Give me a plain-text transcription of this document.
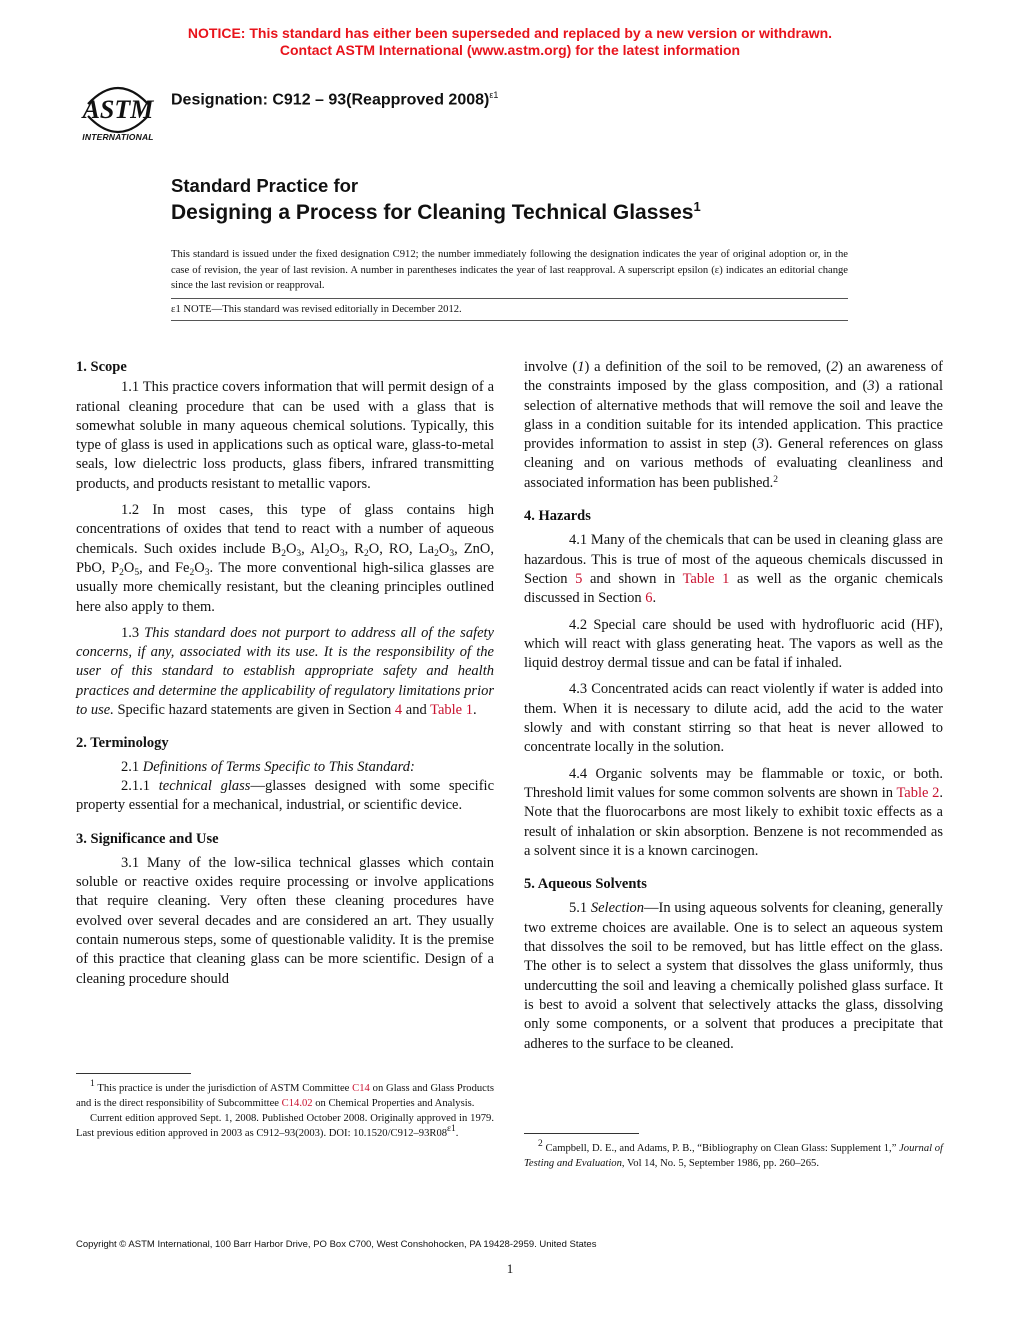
NOTICE: This standard has either been superseded and replaced by a new version or withdrawn.
Contact ASTM International (www.astm.org) for the latest information
ASTM
INTERNATIONAL
Designation: C912 – 93(Reapproved 2008)$^{\varepsilon 1}$
Standard Practice for
Designing a Process for Cleaning Technical Glasses$^1$
This standard is issued under the fixed designation C912; the number immediately following the designation indicates the year of original adoption or, in the case of revision, the year of last revision. A number in parentheses indicates the year of last reapproval. A superscript epsilon (ε) indicates an editorial change since the last revision or reapproval.
ε1 NOTE—This standard was revised editorially in December 2012.
1. Scope

1.1 This practice covers information that will permit design of a rational cleaning procedure that can be used with a glass that is somewhat soluble in many aqueous chemical solutions. Typically, this type of glass is used in applications such as optical ware, glass-to-metal seals, low dielectric loss products, glass fibers, infrared transmitting products, and products resistant to metallic vapors.

1.2 In most cases, this type of glass contains high concentrations of oxides that tend to react with a number of aqueous chemicals. Such oxides include $B_2O_3$, $Al_2O_3$, $R_2O$, RO, $La_2O_3$, ZnO, PbO, $P_2O_5$, and $Fe_2O_3$. The more conventional high-silica glasses are usually more chemically resistant, but the cleaning principles outlined here also apply to them.

1.3 This standard does not purport to address all of the safety concerns, if any, associated with its use. It is the responsibility of the user of this standard to establish appropriate safety and health practices and determine the applicability of regulatory limitations prior to use. Specific hazard statements are given in Section 4 and Table 1.

2. Terminology

2.1 Definitions of Terms Specific to This Standard:

2.1.1 technical glass—glasses designed with some specific property essential for a mechanical, industrial, or scientific device.

3. Significance and Use

3.1 Many of the low-silica technical glasses which contain soluble or reactive oxides require processing or involve applications that require cleaning. Very often these cleaning procedures have evolved over several decades and are considered an art. They usually contain numerous steps, some of questionable validity. It is the premise of this practice that cleaning glass can be more scientific. Design of a cleaning procedure should

$^1$ This practice is under the jurisdiction of ASTM Committee C14 on Glass and Glass Products and is the direct responsibility of Subcommittee C14.02 on Chemical Properties and Analysis.

Current edition approved Sept. 1, 2008. Published October 2008. Originally approved in 1979. Last previous edition approved in 2003 as C912–93(2003). DOI: $10.1520/C912-93R08^{\varepsilon 1}$.

involve (1) a definition of the soil to be removed, (2) an awareness of the constraints imposed by the glass composition, and (3) a rational selection of alternative methods that will remove the soil and leave the glass in a condition suitable for its intended application. This practice provides information to assist in step (3). General references on glass cleaning and on various methods of evaluating cleanliness and associated information has been published.$^2$

4. Hazards

4.1 Many of the chemicals that can be used in cleaning glass are hazardous. This is true of most of the aqueous chemicals discussed in Section 5 and shown in Table 1 as well as the organic chemicals discussed in Section 6.

4.2 Special care should be used with hydrofluoric acid (HF), which will react with glass generating heat. The vapors as well as the liquid destroy dermal tissue and can be fatal if inhaled.

4.3 Concentrated acids can react violently if water is added into them. When it is necessary to dilute acid, add the acid to the water slowly and with constant stirring so that heat is never allowed to concentrate locally in the solution.

4.4 Organic solvents may be flammable or toxic, or both. Threshold limit values for some common solvents are shown in Table 2. Note that the fluorocarbons are most likely to exhibit toxic effects as a result of inhalation or skin absorption. Benzene is not recommended as a solvent since it is a known carcinogen.

5. Aqueous Solvents

5.1 Selection—In using aqueous solvents for cleaning, generally two extreme choices are available. One is to select an aqueous system that dissolves the soil to be removed, but has little effect on the glass. The other is to select a system that dissolves the glass uniformly, thus undercutting the soil and leaving a chemically polished glass surface. It is best to avoid a solvent that selectively attacks the glass, dissolving only some components, or a solvent that produces a precipitate that adheres to the surface to be cleaned.

$^2$ Campbell, D. E., and Adams, P. B., “Bibliography on Clean Glass: Supplement 1,” Journal of Testing and Evaluation, Vol 14, No. 5, September 1986, pp. 260–265.

Copyright © ASTM International, 100 Barr Harbor Drive, PO Box C700, West Conshohocken, PA 19428-2959. United States
1
